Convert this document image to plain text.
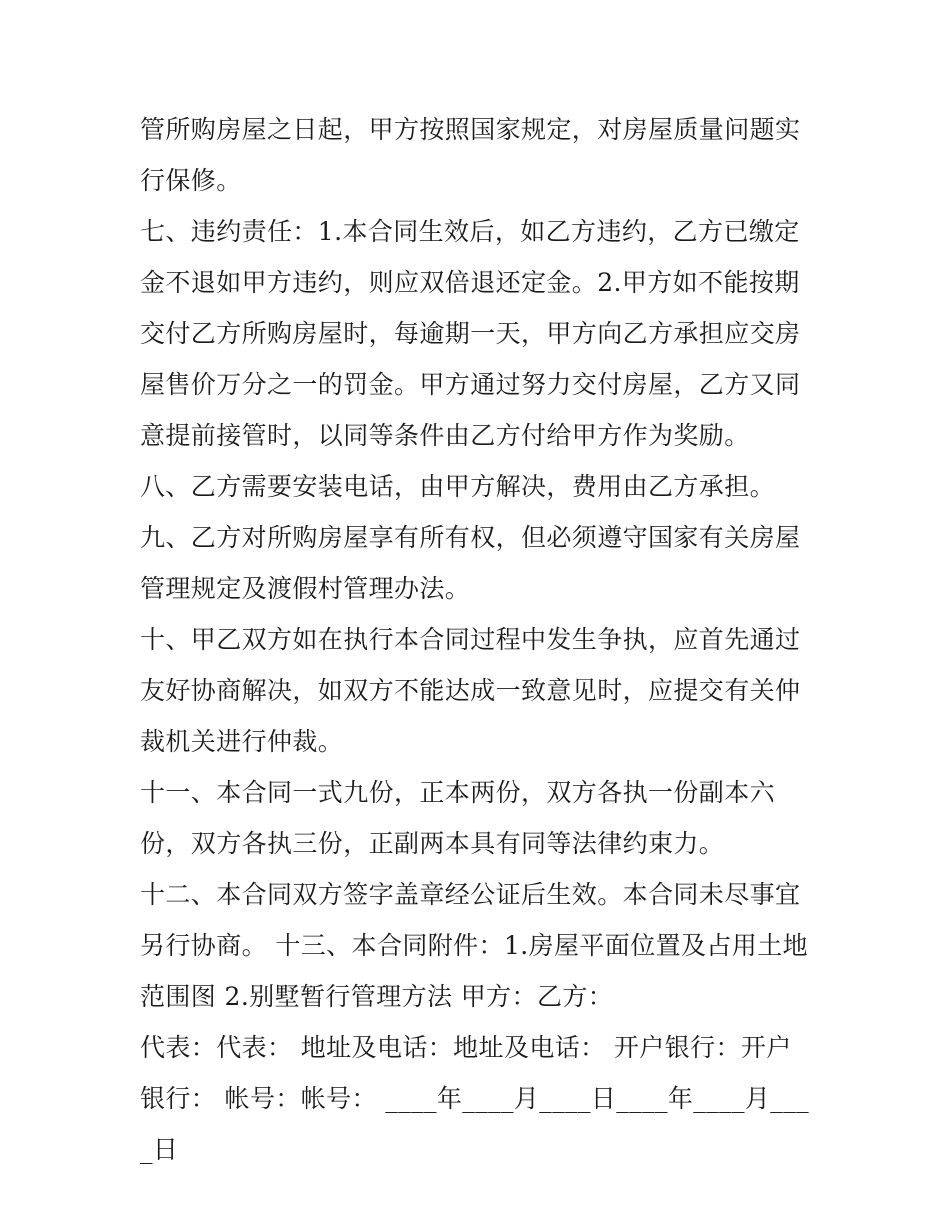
管所购房屋之日起，甲方按照国家规定，对房屋质量问题实行保修。

七、违约责任：1.本合同生效后，如乙方违约，乙方已缴定金不退如甲方违约，则应双倍退还定金。2.甲方如不能按期交付乙方所购房屋时，每逾期一天，甲方向乙方承担应交房屋售价万分之一的罚金。甲方通过努力交付房屋，乙方又同意提前接管时，以同等条件由乙方付给甲方作为奖励。

八、乙方需要安装电话，由甲方解决，费用由乙方承担。

九、乙方对所购房屋享有所有权，但必须遵守国家有关房屋管理规定及渡假村管理办法。

十、甲乙双方如在执行本合同过程中发生争执，应首先通过友好协商解决，如双方不能达成一致意见时，应提交有关仲裁机关进行仲裁。

十一、本合同一式九份，正本两份，双方各执一份副本六份，双方各执三份，正副两本具有同等法律约束力。

十二、本合同双方签字盖章经公证后生效。本合同未尽事宜另行协商。 十三、本合同附件：1.房屋平面位置及占用土地范围图 2.别墅暂行管理方法 甲方：乙方：

代表：代表： 地址及电话：地址及电话： 开户银行：开户银行： 帐号：帐号： ____年____月____日____年____月____日
